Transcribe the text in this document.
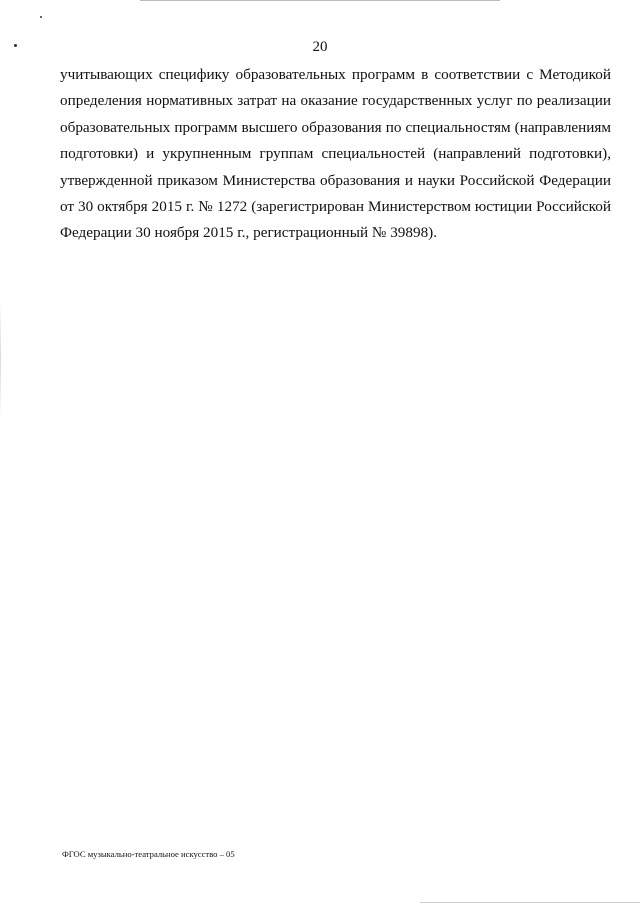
20
учитывающих специфику образовательных программ в соответствии с Методикой
определения нормативных затрат на оказание государственных услуг по реализации
образовательных программ высшего образования по специальностям (направлениям
подготовки) и укрупненным группам специальностей (направлений подготовки),
утвержденной приказом Министерства образования и науки Российской Федерации
от 30 октября 2015 г. № 1272 (зарегистрирован Министерством юстиции Российской
Федерации 30 ноября 2015 г., регистрационный № 39898).
ФГОС музыкально-театральное искусство – 05
